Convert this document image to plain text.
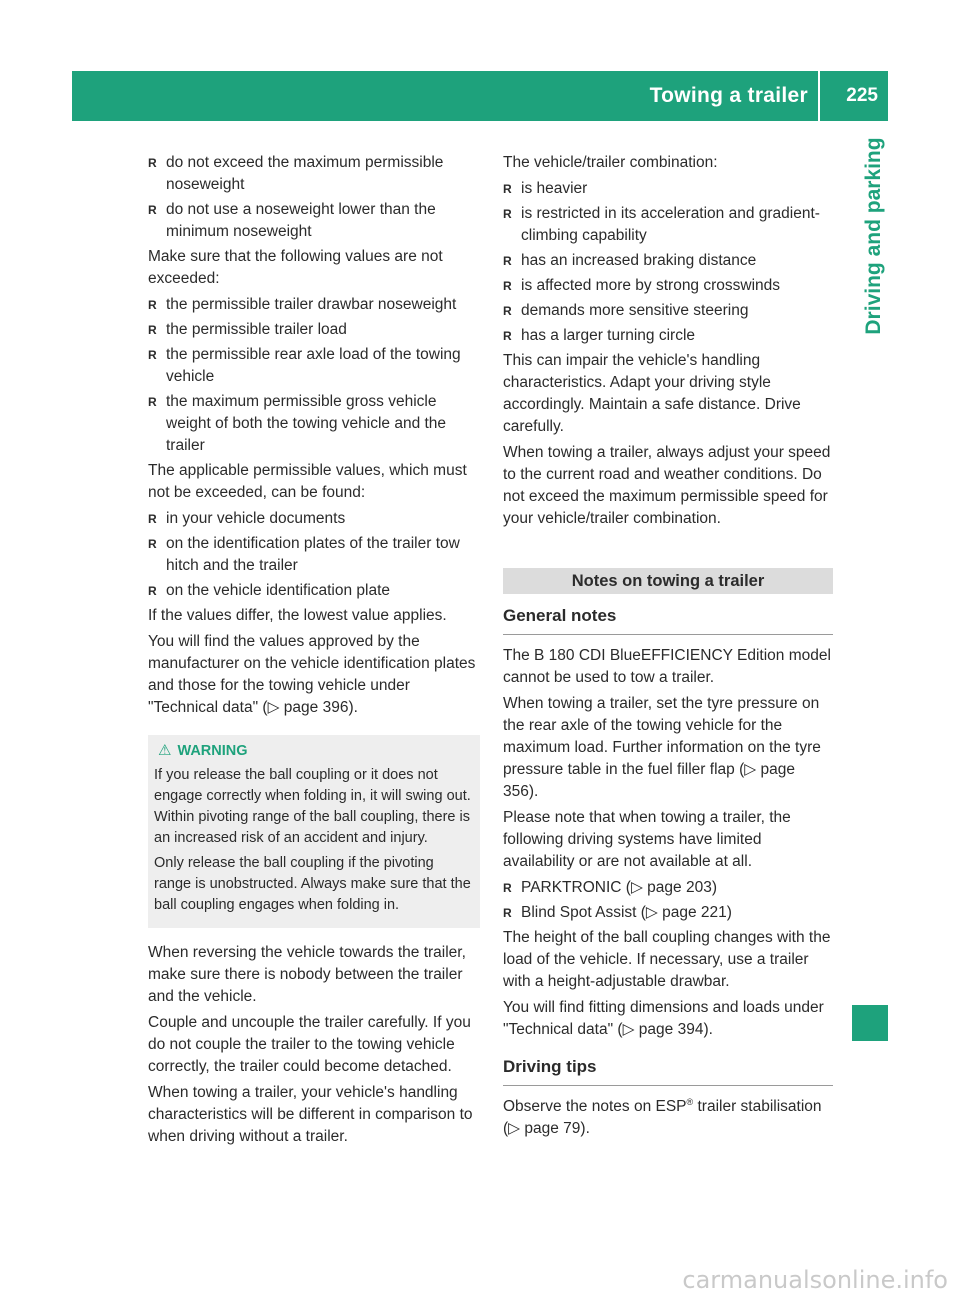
Towing a trailer	225
Driving and parking
R do not exceed the maximum permissible noseweight
R do not use a noseweight lower than the minimum noseweight

Make sure that the following values are not exceeded:

R the permissible trailer drawbar noseweight
R the permissible trailer load
R the permissible rear axle load of the towing vehicle
R the maximum permissible gross vehicle weight of both the towing vehicle and the trailer

The applicable permissible values, which must not be exceeded, can be found:

R in your vehicle documents
R on the identification plates of the trailer tow hitch and the trailer
R on the vehicle identification plate

If the values differ, the lowest value applies.

You will find the values approved by the manufacturer on the vehicle identification plates and those for the towing vehicle under "Technical data" (▷ page 396).

⚠ WARNING

If you release the ball coupling or it does not engage correctly when folding in, it will swing out. Within pivoting range of the ball coupling, there is an increased risk of an accident and injury.

Only release the ball coupling if the pivoting range is unobstructed. Always make sure that the ball coupling engages when folding in.

When reversing the vehicle towards the trailer, make sure there is nobody between the trailer and the vehicle.

Couple and uncouple the trailer carefully. If you do not couple the trailer to the towing vehicle correctly, the trailer could become detached.

When towing a trailer, your vehicle's handling characteristics will be different in comparison to when driving without a trailer.

The vehicle/trailer combination:

R is heavier
R is restricted in its acceleration and gradient-climbing capability
R has an increased braking distance
R is affected more by strong crosswinds
R demands more sensitive steering
R has a larger turning circle

This can impair the vehicle's handling characteristics. Adapt your driving style accordingly. Maintain a safe distance. Drive carefully.

When towing a trailer, always adjust your speed to the current road and weather conditions. Do not exceed the maximum permissible speed for your vehicle/trailer combination.

Notes on towing a trailer
General notes

The B 180 CDI BlueEFFICIENCY Edition model cannot be used to tow a trailer.

When towing a trailer, set the tyre pressure on the rear axle of the towing vehicle for the maximum load. Further information on the tyre pressure table in the fuel filler flap (▷ page 356).

Please note that when towing a trailer, the following driving systems have limited availability or are not available at all.

R PARKTRONIC (▷ page 203)
R Blind Spot Assist (▷ page 221)

The height of the ball coupling changes with the load of the vehicle. If necessary, use a trailer with a height-adjustable drawbar.

You will find fitting dimensions and loads under "Technical data" (▷ page 394).

Driving tips

Observe the notes on ESP® trailer stabilisation (▷ page 79).

carmanualsonline.info
